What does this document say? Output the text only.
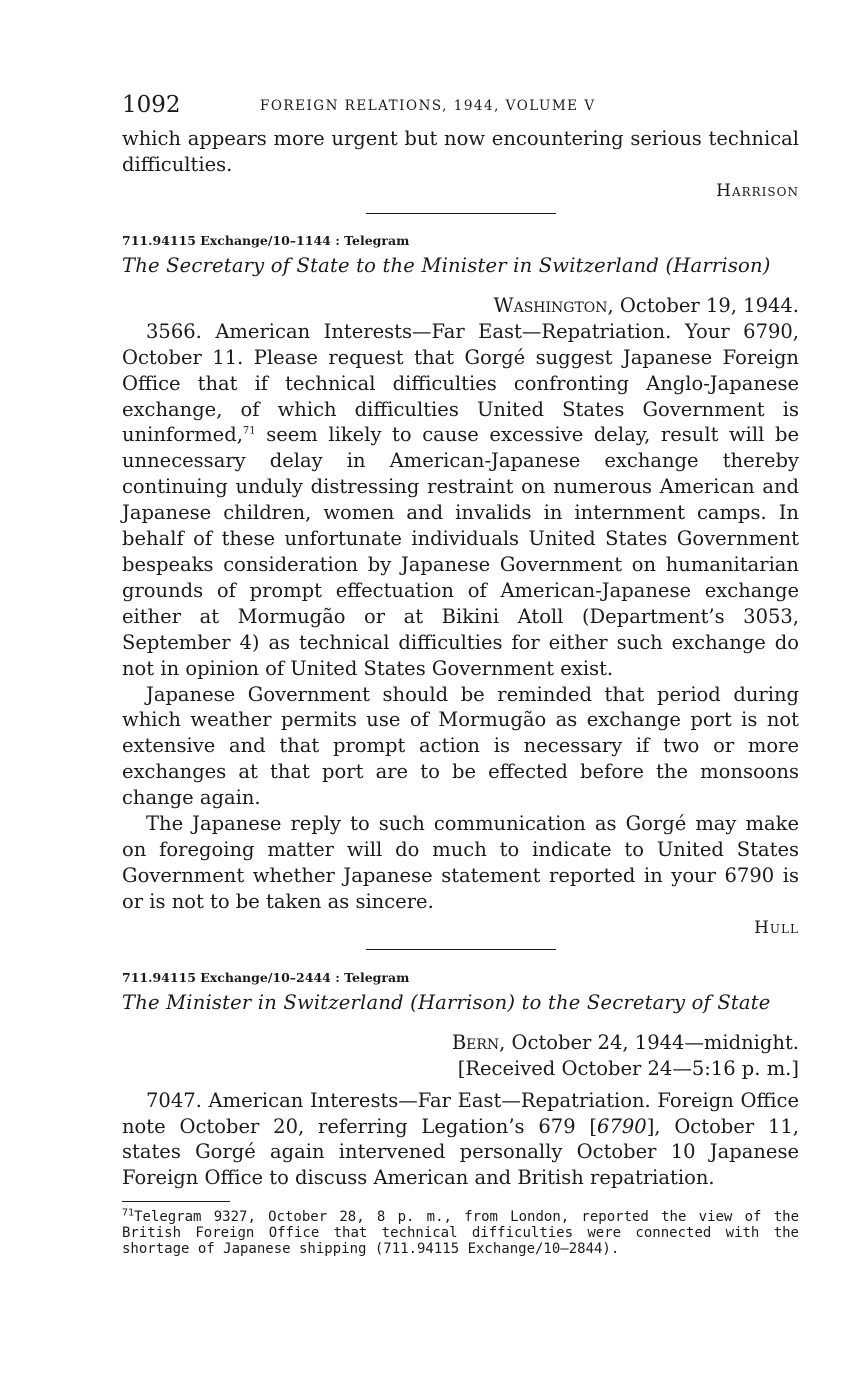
1092	FOREIGN RELATIONS, 1944, VOLUME V

which appears more urgent but now encountering serious technical difficulties.

Harrison

711.94115 Exchange/10–1144 : Telegram

The Secretary of State to the Minister in Switzerland (Harrison)

Washington, October 19, 1944.

3566. American Interests—Far East—Repatriation. Your 6790, October 11. Please request that Gorgé suggest Japanese Foreign Office that if technical difficulties confronting Anglo-Japanese exchange, of which difficulties United States Government is uninformed,$^{71}$ seem likely to cause excessive delay, result will be unnecessary delay in American-Japanese exchange thereby continuing unduly distressing restraint on numerous American and Japanese children, women and invalids in internment camps. In behalf of these unfortunate individuals United States Government bespeaks consideration by Japanese Government on humanitarian grounds of prompt effectuation of American-Japanese exchange either at Mormugão or at Bikini Atoll (Department’s 3053, September 4) as technical difficulties for either such exchange do not in opinion of United States Government exist.

Japanese Government should be reminded that period during which weather permits use of Mormugão as exchange port is not extensive and that prompt action is necessary if two or more exchanges at that port are to be effected before the monsoons change again.

The Japanese reply to such communication as Gorgé may make on foregoing matter will do much to indicate to United States Government whether Japanese statement reported in your 6790 is or is not to be taken as sincere.

Hull

711.94115 Exchange/10–2444 : Telegram

The Minister in Switzerland (Harrison) to the Secretary of State

Bern, October 24, 1944—midnight.

[Received October 24—5:16 p. m.]

7047. American Interests—Far East—Repatriation. Foreign Office note October 20, referring Legation’s 679 [6790], October 11, states Gorgé again intervened personally October 10 Japanese Foreign Office to discuss American and British repatriation.

$^{71}$Telegram 9327, October 28, 8 p. m., from London, reported the view of the British Foreign Office that technical difficulties were connected with the shortage of Japanese shipping (711.94115 Exchange/10–2844).
